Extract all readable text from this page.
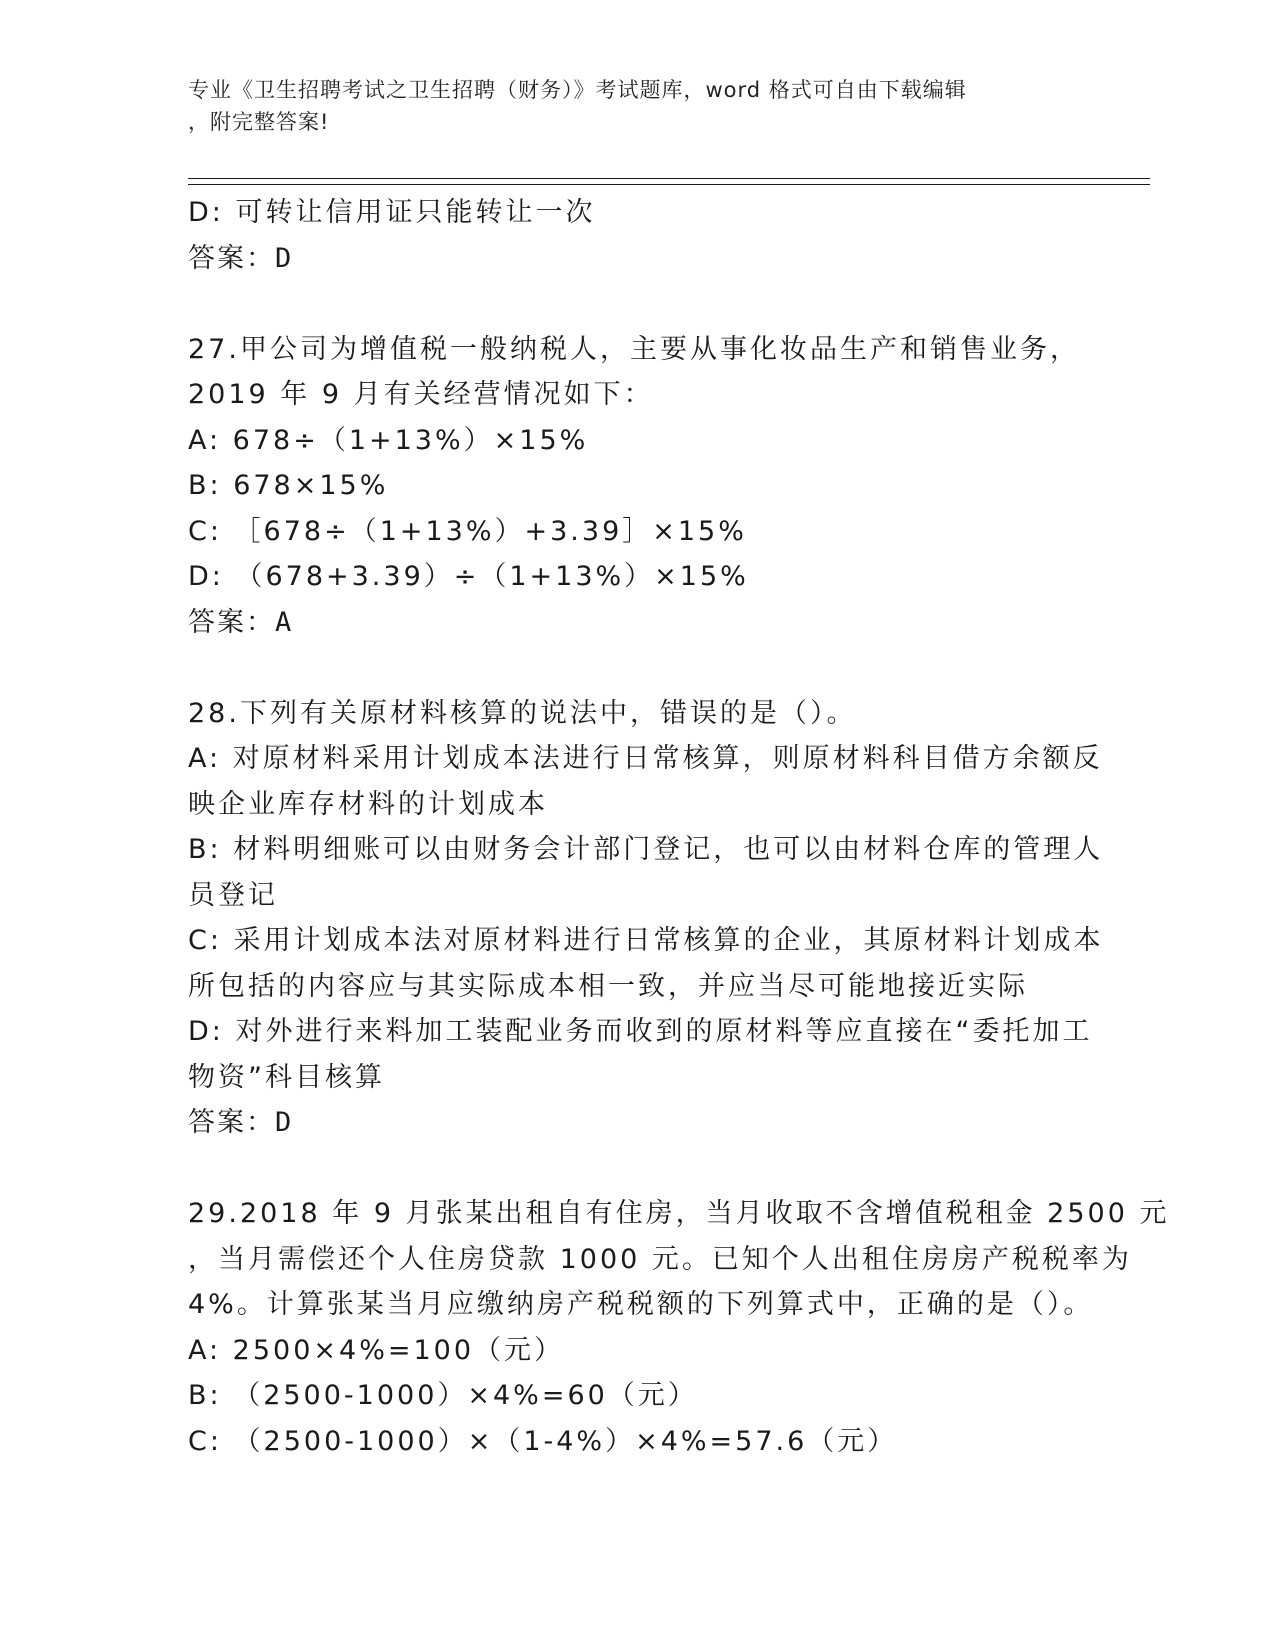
专业《卫生招聘考试之卫生招聘（财务）》考试题库，word 格式可自由下载编辑
，附完整答案!
D: 可转让信用证只能转让一次
答案：D
27.甲公司为增值税一般纳税人，主要从事化妆品生产和销售业务，
2019 年 9 月有关经营情况如下：
A: 678÷（1+13%）×15%
B: 678×15%
C: ［678÷（1+13%）+3.39］×15%
D: （678+3.39）÷（1+13%）×15%
答案：A
28.下列有关原材料核算的说法中，错误的是（）。
A: 对原材料采用计划成本法进行日常核算，则原材料科目借方余额反
映企业库存材料的计划成本
B: 材料明细账可以由财务会计部门登记，也可以由材料仓库的管理人
员登记
C: 采用计划成本法对原材料进行日常核算的企业，其原材料计划成本
所包括的内容应与其实际成本相一致，并应当尽可能地接近实际
D: 对外进行来料加工装配业务而收到的原材料等应直接在“委托加工
物资”科目核算
答案：D
29.2018 年 9 月张某出租自有住房，当月收取不含增值税租金 2500 元
，当月需偿还个人住房贷款 1000 元。已知个人出租住房房产税税率为
4%。计算张某当月应缴纳房产税税额的下列算式中，正确的是（）。
A: 2500×4%=100（元）
B: （2500-1000）×4%=60（元）
C: （2500-1000）×（1-4%）×4%=57.6（元）
